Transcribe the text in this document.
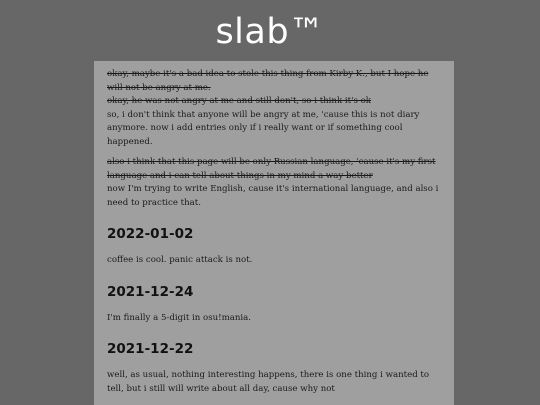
slab™
okay, maybe it's a bad idea to stole this thing from Kirby K., but I hope he will not be angry at me.
okay, he was not angry at me and still don't, so i think it's ok
so, i don't think that anyone will be angry at me, 'cause this is not diary anymore. now i add entries only if i really want or if something cool happened.
also i think that this page will be only Russian language, 'cause it's my first language and i can tell about things in my mind a way better
now I'm trying to write English, cause it's international language, and also i need to practice that.
2022-01-02
coffee is cool. panic attack is not.
2021-12-24
I'm finally a 5-digit in osu!mania.
2021-12-22
well, as usual, nothing interesting happens, there is one thing i wanted to tell, but i still will write about all day, cause why not
